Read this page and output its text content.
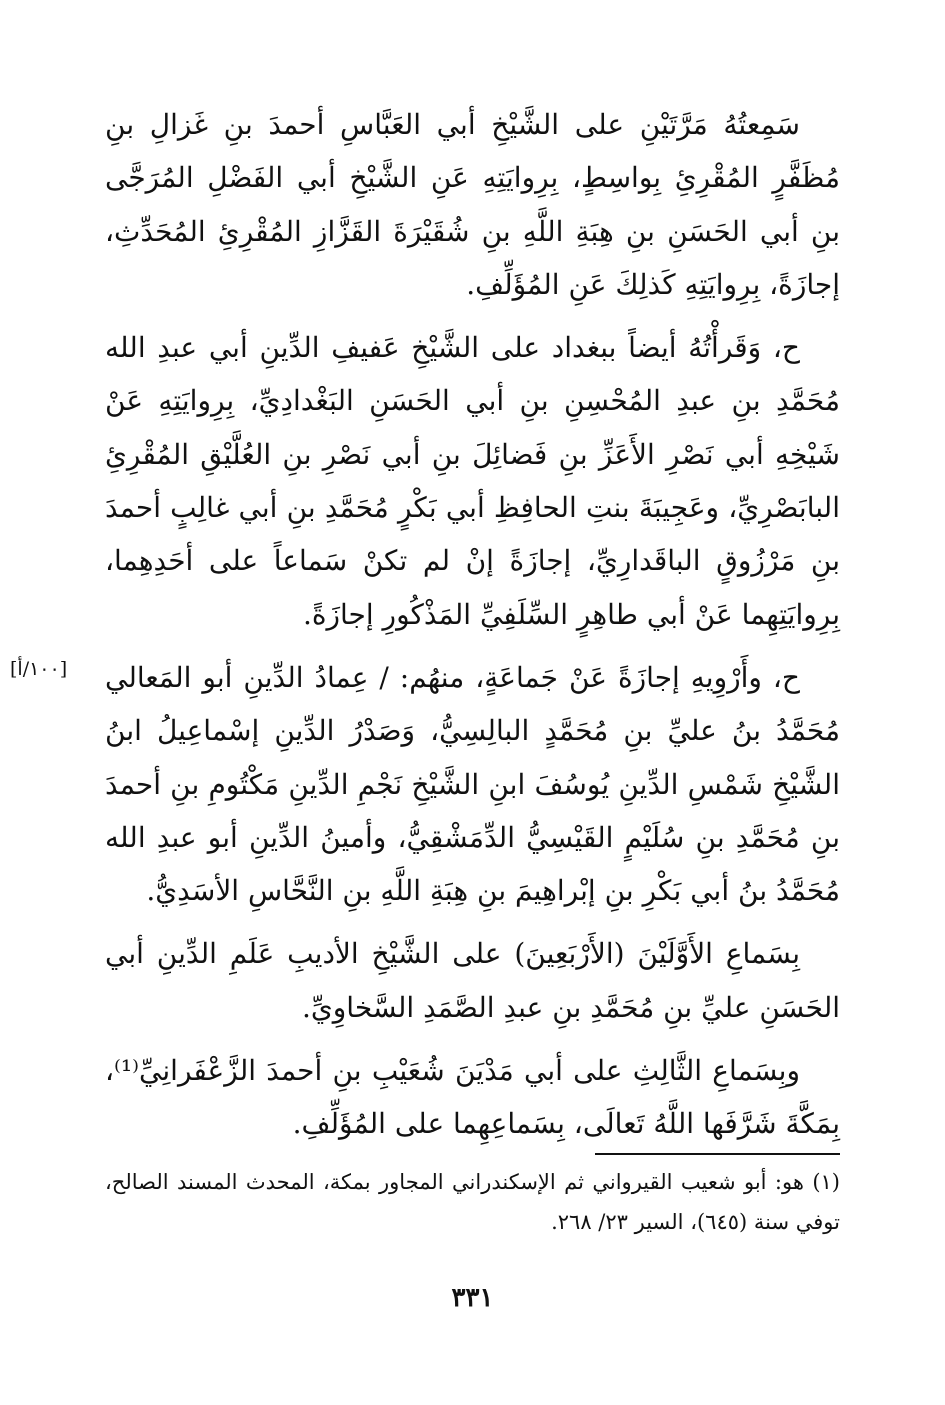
سَمِعتُهُ مَرَّتَيْنِ على الشَّيْخِ أبي العَبَّاسِ أحمدَ بنِ غَزالِ بنِ مُظَفَّرٍ المُقْرِئِ بِواسِطٍ، بِرِوايَتِهِ عَنِ الشَّيْخِ أبي الفَضْلِ المُرَجَّى بنِ أبي الحَسَنِ بنِ هِبَةِ اللَّهِ بنِ شُقَيْرَةَ القَزَّازِ المُقْرِئِ المُحَدِّثِ، إجازَةً، بِرِوايَتِهِ كَذلِكَ عَنِ المُؤَلِّفِ.

ح، وَقَرأْتُهُ أيضاً ببغداد على الشَّيْخِ عَفيفِ الدِّينِ أبي عبدِ الله مُحَمَّدِ بنِ عبدِ المُحْسِنِ بنِ أبي الحَسَنِ البَغْدادِيِّ، بِرِوايَتِهِ عَنْ شَيْخِهِ أبي نَصْرِ الأَعَزِّ بنِ فَضائِلَ بنِ أبي نَصْرِ بنِ العُلَّيْقِ المُقْرِئِ البابَصْرِيِّ، وعَجِيبَةَ بنتِ الحافِظِ أبي بَكْرٍ مُحَمَّدِ بنِ أبي غالِبٍ أحمدَ بنِ مَرْزُوقٍ الباقَدارِيِّ، إجازَةً إنْ لم تكنْ سَماعاً على أحَدِهِما، بِرِوايَتِهِما عَنْ أبي طاهِرٍ السِّلَفِيِّ المَذْكُورِ إجازَةً.

ح، وأَرْوِيهِ إجازَةً عَنْ جَماعَةٍ، منهُم: / عِمادُ الدِّينِ أبو المَعالي مُحَمَّدُ بنُ عليِّ بنِ مُحَمَّدٍ البالِسِيُّ، وَصَدْرُ الدِّينِ إسْماعِيلُ ابنُ الشَّيْخِ شَمْسِ الدِّينِ يُوسُفَ ابنِ الشَّيْخِ نَجْمِ الدِّينِ مَكْتُومِ بنِ أحمدَ بنِ مُحَمَّدِ بنِ سُلَيْمٍ القَيْسِيُّ الدِّمَشْقِيُّ، وأمينُ الدِّينِ أبو عبدِ الله مُحَمَّدُ بنُ أبي بَكْرِ بنِ إبْراهِيمَ بنِ هِبَةِ اللَّهِ بنِ النَّحَّاسِ الأسَدِيُّ.

بِسَماعِ الأَوَّلَيْنَ (الأَرْبَعِينَ) على الشَّيْخِ الأديبِ عَلَمِ الدِّينِ أبي الحَسَنِ عليِّ بنِ مُحَمَّدِ بنِ عبدِ الصَّمَدِ السَّخاوِيِّ.

وبِسَماعِ الثَّالِثِ على أبي مَدْيَنَ شُعَيْبِ بنِ أحمدَ الزَّعْفَرانِيِّ⁽¹⁾، بِمَكَّةَ شَرَّفَها اللَّهُ تَعالَى، بِسَماعِهِما على المُؤَلِّفِ.

[١٠٠/أ]
(١) هو: أبو شعيب القيرواني ثم الإسكندراني المجاور بمكة، المحدث المسند الصالح، توفي سنة (٦٤٥)، السير ٢٣/ ٢٦٨.
٣٣١
